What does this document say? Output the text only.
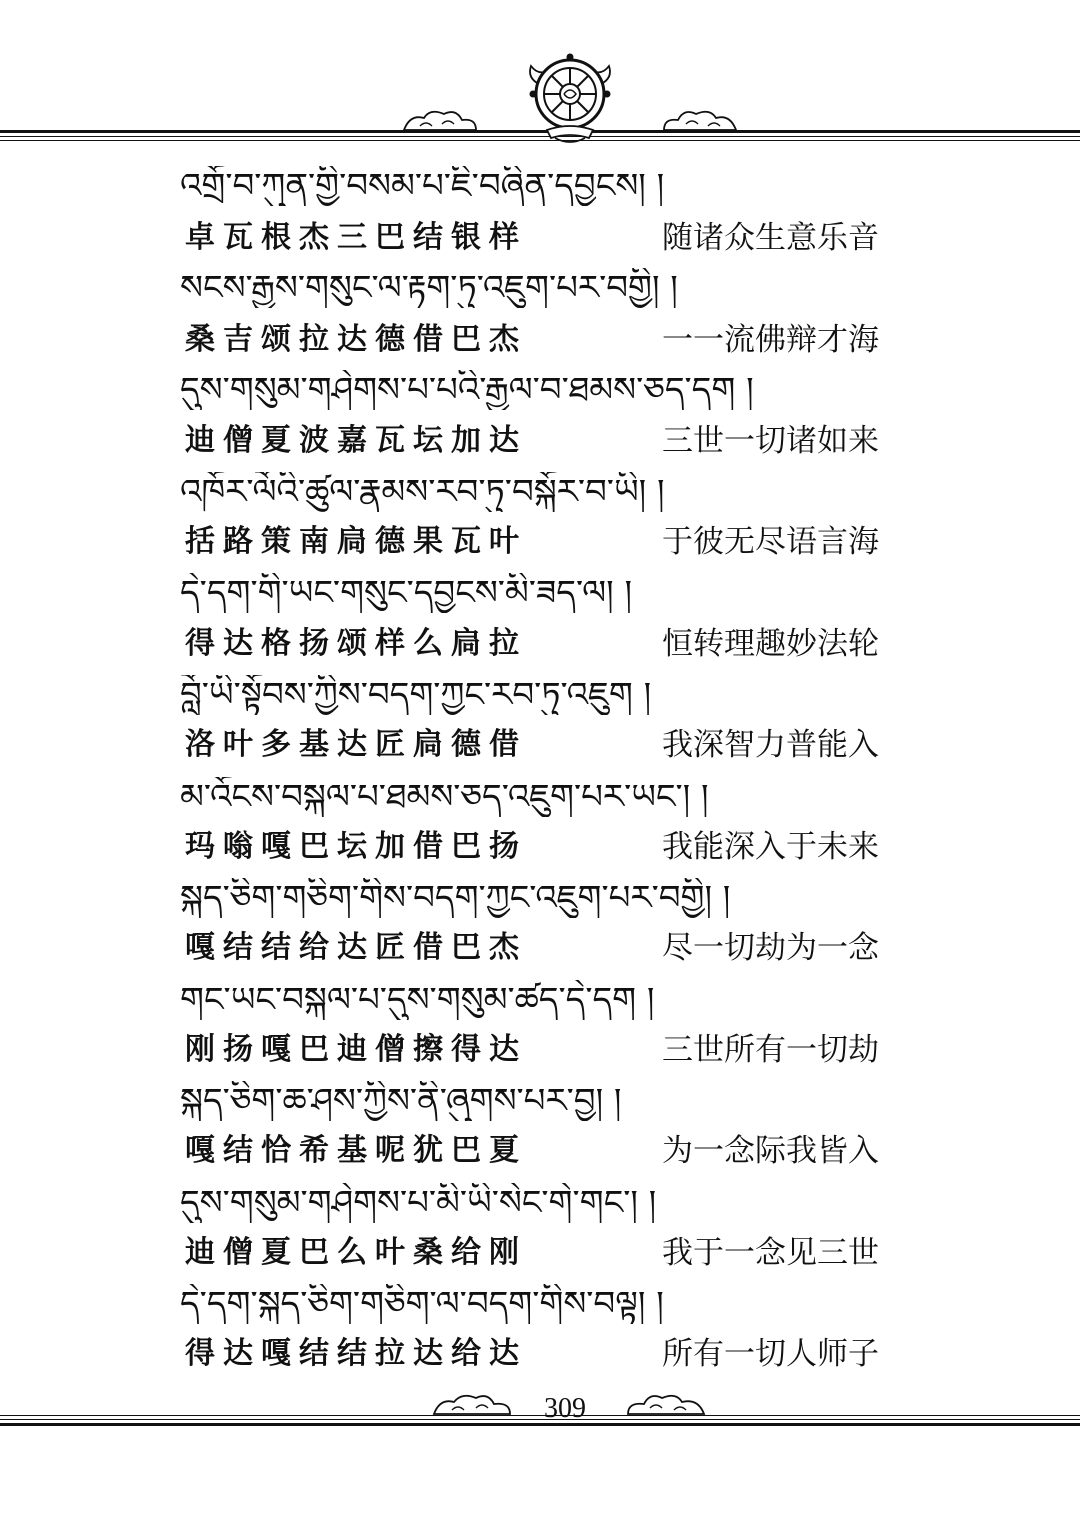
འགྲོ་བ་ཀུན་གྱི་བསམ་པ་ཇི་བཞིན་དབྱངས། །
卓瓦根杰三巴结银样	随诸众生意乐音
སངས་རྒྱས་གསུང་ལ་རྟག་ཏུ་འཇུག་པར་བགྱི། །
桑吉颂拉达德借巴杰	一一流佛辩才海
དུས་གསུམ་གཤེགས་པ་པའི་རྒྱལ་བ་ཐམས་ཅད་དག །
迪僧夏波嘉瓦坛加达	三世一切诸如来
འཁོར་ལོའི་ཚུལ་རྣམས་རབ་ཏུ་བསྐོར་བ་ཡི། །
括路策南扃德果瓦叶	于彼无尽语言海
དེ་དག་གི་ཡང་གསུང་དབྱངས་མི་ཟད་ལ། །
得达格扬颂样么扃拉	恒转理趣妙法轮
བློ་ཡི་སྟོབས་ཀྱིས་བདག་ཀྱང་རབ་ཏུ་འཇུག །
洛叶多基达匠扃德借	我深智力普能入
མ་འོངས་བསྐལ་པ་ཐམས་ཅད་འཇུག་པར་ཡང་། །
玛嗡嘎巴坛加借巴扬	我能深入于未来
སྐད་ཅིག་གཅིག་གིས་བདག་ཀྱང་འཇུག་པར་བགྱི། །
嘎结结给达匠借巴杰	尽一切劫为一念
གང་ཡང་བསྐལ་པ་དུས་གསུམ་ཚད་དེ་དག །
刚扬嘎巴迪僧擦得达	三世所有一切劫
སྐད་ཅིག་ཆ་ཤས་ཀྱིས་ནི་ཞུགས་པར་བྱ། །
嘎结恰希基呢犹巴夏	为一念际我皆入
དུས་གསུམ་གཤེགས་པ་མི་ཡི་སེང་གེ་གང་། །
迪僧夏巴么叶桑给刚	我于一念见三世
དེ་དག་སྐད་ཅིག་གཅིག་ལ་བདག་གིས་བལྟ། །
得达嘎结结拉达给达	所有一切人师子
309
